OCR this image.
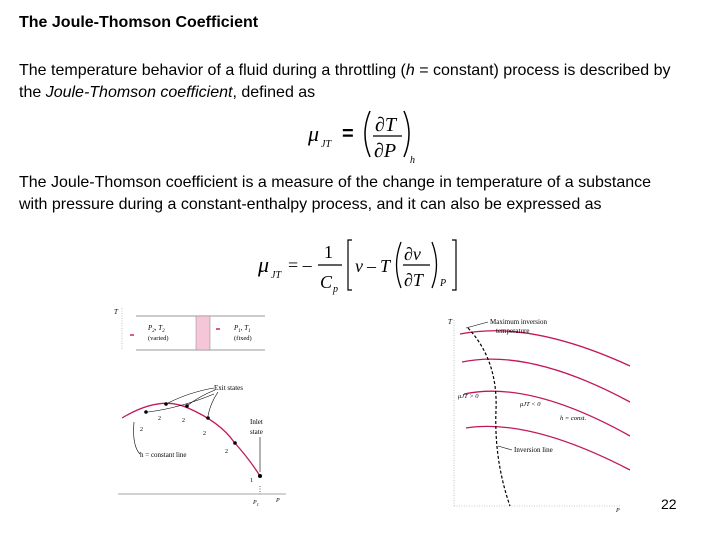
The Joule-Thomson Coefficient
The temperature behavior of a fluid during a throttling (h = constant) process is described by the Joule-Thomson coefficient, defined as
μ JT = ∂T
∂P h
The Joule-Thomson coefficient is a measure of the change in temperature of a substance with pressure during a constant-enthalpy process, and it can also be expressed as
μ JT
= –
1
C p
v – T
∂v
∂T P
T
$P_2$, $T_2$
(varied)
$P_1$, $T_1$
(fixed)
$P_1$
P
2
2	2
2
2
1
Exit states
Inlet
state
h = constant line
T
P
Maximum inversion
temperature
μJT > 0
μJT < 0
h = const.
Inversion line
22
